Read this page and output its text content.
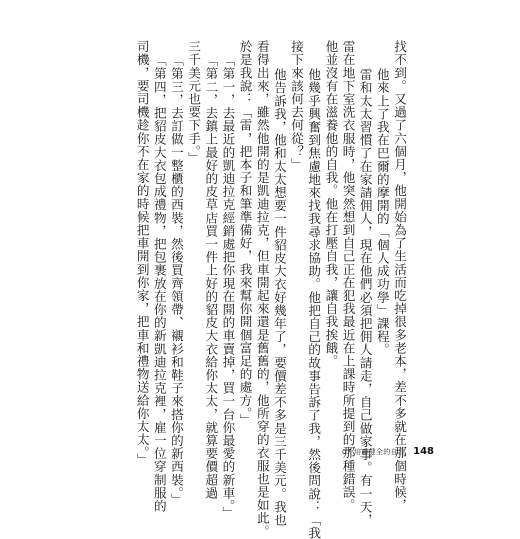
找不到。又過了六個月，他開始為了生活而吃掉很多老本，差不多就在那個時候，
他來上了我在巴爾的摩開的「個人成功學」課程。
雷和太太習慣了在家請佣人，現在他們必須把佣人請走，自己做家事。有一天，
雷在地下室洗衣服時，他突然想到自己正在犯我最近在上課時所提到的那種錯誤。
他並沒有在滋養他的自我。他在打壓自我，讓自我挨餓。
他幾乎興奮到焦慮地來找我尋求協助。他把自己的故事告訴了我，然後問說：「我
接下來該何去何從？」
他告訴我，他和太太想要一件貂皮大衣好幾年了，要價差不多是三千美元。我也
看得出來，雖然他開的是凱迪拉克，但車開起來還是舊舊的，他所穿的衣服也是如此。
於是我說：「雷，把本子和筆準備好，我來幫你開個富足的處方。」
「第一，去最近的凱迪拉克經銷處把你現在開的車賣掉，買一台你最愛的新車。」
「第二，去鎮上最好的皮草店買一件上好的貂皮大衣給你太太，就算要價超過
三千美元也要下手。」
「第三，去訂做一整櫃的西裝，然後買齊領帶、襯衫和鞋子來搭你的新西裝。」
「第四，把貂皮大衣包成禮物，把包裹放在你的新凱迪拉克裡，雇一位穿制服的
司機，要司機趁你不在家的時候把車開到你家，把車和禮物送給你太太。」	07 培養健全的自我 148
